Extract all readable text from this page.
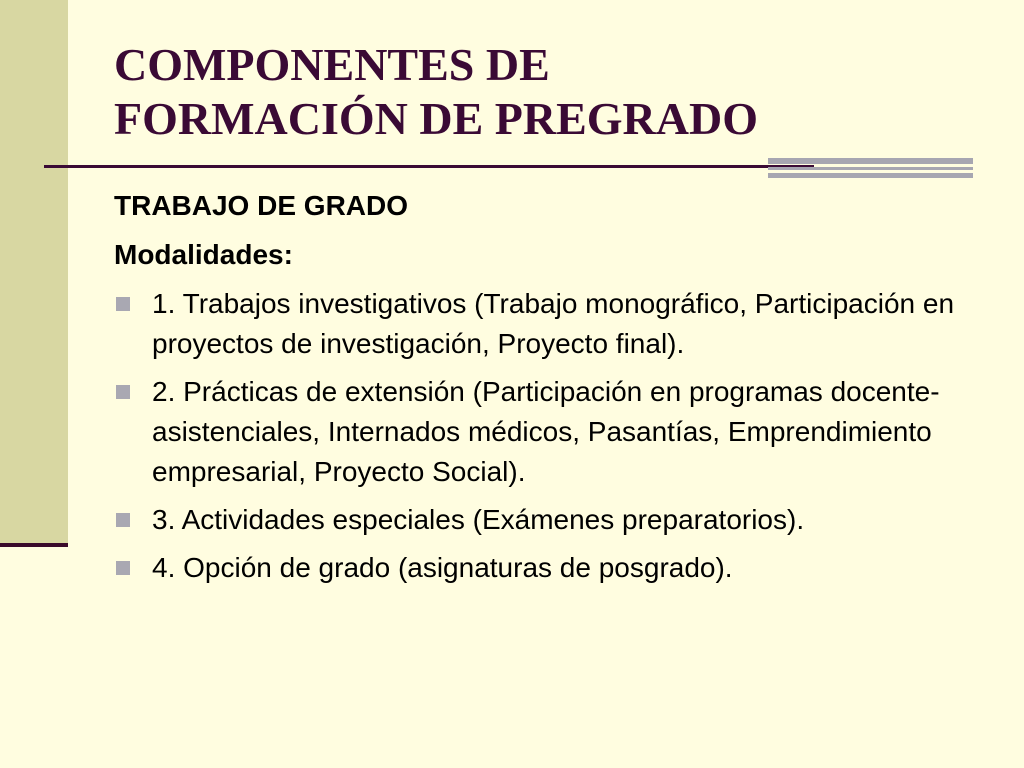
COMPONENTES DE
FORMACIÓN DE PREGRADO
TRABAJO DE GRADO
Modalidades:
1. Trabajos investigativos (Trabajo monográfico, Participación en proyectos de investigación, Proyecto final).
2. Prácticas de extensión (Participación en programas docente-asistenciales, Internados médicos, Pasantías, Emprendimiento empresarial, Proyecto Social).
3. Actividades especiales (Exámenes preparatorios).
4. Opción de grado (asignaturas de posgrado).
